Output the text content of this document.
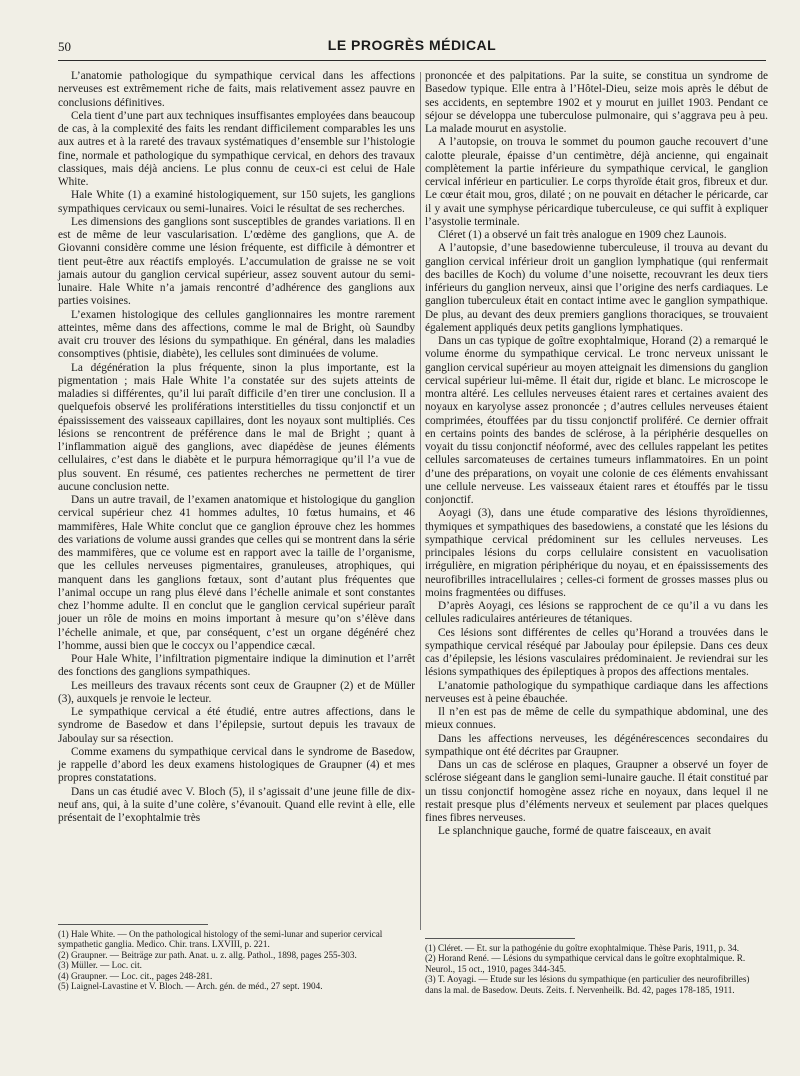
50	LE PROGRÈS MÉDICAL

L’anatomie pathologique du sympathique cervical dans les affections nerveuses est extrêmement riche de faits, mais relativement assez pauvre en conclusions définitives.

Cela tient d’une part aux techniques insuffisantes employées dans beaucoup de cas, à la complexité des faits les rendant difficilement comparables les uns aux autres et à la rareté des travaux systématiques d’ensemble sur l’histologie fine, normale et pathologique du sympathique cervical, en dehors des travaux classiques, mais déjà anciens. Le plus connu de ceux-ci est celui de Hale White.

Hale White (1) a examiné histologiquement, sur 150 sujets, les ganglions sympathiques cervicaux ou semi-lunaires. Voici le résultat de ses recherches.

Les dimensions des ganglions sont susceptibles de grandes variations. Il en est de même de leur vascularisation. L’œdème des ganglions, que A. de Giovanni considère comme une lésion fréquente, est difficile à démontrer et tient peut-être aux réactifs employés. L’accumulation de graisse ne se voit jamais autour du ganglion cervical supérieur, assez souvent autour du semi-lunaire. Hale White n’a jamais rencontré d’adhérence des ganglions aux parties voisines.

L’examen histologique des cellules ganglionnaires les montre rarement atteintes, même dans des affections, comme le mal de Bright, où Saundby avait cru trouver des lésions du sympathique. En général, dans les maladies consomptives (phtisie, diabète), les cellules sont diminuées de volume.

La dégénération la plus fréquente, sinon la plus importante, est la pigmentation ; mais Hale White l’a constatée sur des sujets atteints de maladies si différentes, qu’il lui paraît difficile d’en tirer une conclusion. Il a quelquefois observé les proliférations interstitielles du tissu conjonctif et un épaississement des vaisseaux capillaires, dont les noyaux sont multipliés. Ces lésions se rencontrent de préférence dans le mal de Bright ; quant à l’inflammation aiguë des ganglions, avec diapédèse de jeunes éléments cellulaires, c’est dans le diabète et le purpura hémorragique qu’il l’a vue de plus souvent. En résumé, ces patientes recherches ne permettent de tirer aucune conclusion nette.

Dans un autre travail, de l’examen anatomique et histologique du ganglion cervical supérieur chez 41 hommes adultes, 10 fœtus humains, et 46 mammifères, Hale White conclut que ce ganglion éprouve chez les hommes des variations de volume aussi grandes que celles qui se montrent dans la série des mammifères, que ce volume est en rapport avec la taille de l’organisme, que les cellules nerveuses pigmentaires, granuleuses, atrophiques, qui manquent dans les ganglions fœtaux, sont d’autant plus fréquentes que l’animal occupe un rang plus élevé dans l’échelle animale et sont constantes chez l’homme adulte. Il en conclut que le ganglion cervical supérieur paraît jouer un rôle de moins en moins important à mesure qu’on s’élève dans l’échelle animale, et que, par conséquent, c’est un organe dégénéré chez l’homme, aussi bien que le coccyx ou l’appendice cæcal.

Pour Hale White, l’infiltration pigmentaire indique la diminution et l’arrêt des fonctions des ganglions sympathiques.

Les meilleurs des travaux récents sont ceux de Graupner (2) et de Müller (3), auxquels je renvoie le lecteur.

Le sympathique cervical a été étudié, entre autres affections, dans le syndrome de Basedow et dans l’épilepsie, surtout depuis les travaux de Jaboulay sur sa résection.

Comme examens du sympathique cervical dans le syndrome de Basedow, je rappelle d’abord les deux examens histologiques de Graupner (4) et mes propres constatations.

Dans un cas étudié avec V. Bloch (5), il s’agissait d’une jeune fille de dix-neuf ans, qui, à la suite d’une colère, s’évanouit. Quand elle revint à elle, elle présentait de l’exophtalmie très

prononcée et des palpitations. Par la suite, se constitua un syndrome de Basedow typique. Elle entra à l’Hôtel-Dieu, seize mois après le début de ses accidents, en septembre 1902 et y mourut en juillet 1903. Pendant ce séjour se développa une tuberculose pulmonaire, qui s’aggrava peu à peu. La malade mourut en asystolie.

A l’autopsie, on trouva le sommet du poumon gauche recouvert d’une calotte pleurale, épaisse d’un centimètre, déjà ancienne, qui engainait complètement la partie inférieure du sympathique cervical, le ganglion cervical inférieur en particulier. Le corps thyroïde était gros, fibreux et dur. Le cœur était mou, gros, dilaté ; on ne pouvait en détacher le péricarde, car il y avait une symphyse péricardique tuberculeuse, ce qui suffit à expliquer l’asystolie terminale.

Cléret (1) a observé un fait très analogue en 1909 chez Launois.

A l’autopsie, d’une basedowienne tuberculeuse, il trouva au devant du ganglion cervical inférieur droit un ganglion lymphatique (qui renfermait des bacilles de Koch) du volume d’une noisette, recouvrant les deux tiers inférieurs du ganglion nerveux, ainsi que l’origine des nerfs cardiaques. Le ganglion tuberculeux était en contact intime avec le ganglion sympathique. De plus, au devant des deux premiers ganglions thoraciques, se trouvaient également appliqués deux petits ganglions lymphatiques.

Dans un cas typique de goître exophtalmique, Horand (2) a remarqué le volume énorme du sympathique cervical. Le tronc nerveux unissant le ganglion cervical supérieur au moyen atteignait les dimensions du ganglion cervical supérieur lui-même. Il était dur, rigide et blanc. Le microscope le montra altéré. Les cellules nerveuses étaient rares et certaines avaient des noyaux en karyolyse assez prononcée ; d’autres cellules nerveuses étaient comprimées, étouffées par du tissu conjonctif proliféré. Ce dernier offrait en certains points des bandes de sclérose, à la périphérie desquelles on voyait du tissu conjonctif néoformé, avec des cellules rappelant les petites cellules sarcomateuses de certaines tumeurs inflammatoires. En un point d’une des préparations, on voyait une colonie de ces éléments envahissant une cellule nerveuse. Les vaisseaux étaient rares et étouffés par le tissu conjonctif.

Aoyagi (3), dans une étude comparative des lésions thyroïdiennes, thymiques et sympathiques des basedowiens, a constaté que les lésions du sympathique cervical prédominent sur les cellules nerveuses. Les principales lésions du corps cellulaire consistent en vacuolisation irrégulière, en migration périphérique du noyau, et en épaississements des neurofibrilles intracellulaires ; celles-ci forment de grosses masses plus ou moins fragmentées ou diffuses.

D’après Aoyagi, ces lésions se rapprochent de ce qu’il a vu dans les cellules radiculaires antérieures de tétaniques.

Ces lésions sont différentes de celles qu’Horand a trouvées dans le sympathique cervical réséqué par Jaboulay pour épilepsie. Dans ces deux cas d’épilepsie, les lésions vasculaires prédominaient. Je reviendrai sur les lésions sympathiques des épileptiques à propos des affections mentales.

L’anatomie pathologique du sympathique cardiaque dans les affections nerveuses est à peine ébauchée.

Il n’en est pas de même de celle du sympathique abdominal, une des mieux connues.

Dans les affections nerveuses, les dégénérescences secondaires du sympathique ont été décrites par Graupner.

Dans un cas de sclérose en plaques, Graupner a observé un foyer de sclérose siégeant dans le ganglion semi-lunaire gauche. Il était constitué par un tissu conjonctif homogène assez riche en noyaux, dans lequel il ne restait presque plus d’éléments nerveux et seulement par places quelques fines fibres nerveuses.

Le splanchnique gauche, formé de quatre faisceaux, en avait

(1) Hale White. — On the pathological histology of the semi-lunar and superior cervical sympathetic ganglia. Medico. Chir. trans. LXVIII, p. 221.
(2) Graupner. — Beiträge zur path. Anat. u. z. allg. Pathol., 1898, pages 255-303.
(3) Müller. — Loc. cit.
(4) Graupner. — Loc. cit., pages 248-281.
(5) Laignel-Lavastine et V. Bloch. — Arch. gén. de méd., 27 sept. 1904.
(1) Cléret. — Et. sur la pathogénie du goître exophtalmique. Thèse Paris, 1911, p. 34.
(2) Horand René. — Lésions du sympathique cervical dans le goître exophtalmique. R. Neurol., 15 oct., 1910, pages 344-345.
(3) T. Aoyagi. — Etude sur les lésions du sympathique (en particulier des neurofibrilles) dans la mal. de Basedow. Deuts. Zeits. f. Nervenheilk. Bd. 42, pages 178-185, 1911.
